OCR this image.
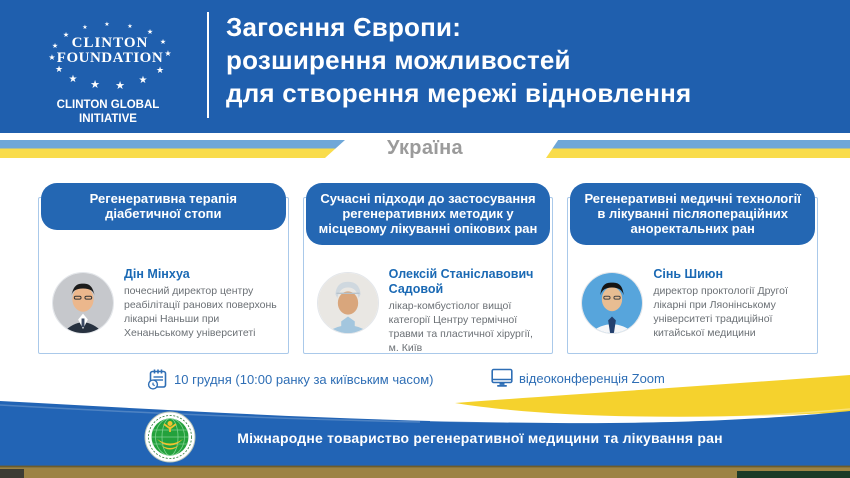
★
★
★
★
★
★
★
★
★
★	★	★
★
★
★
CLINTON
FOUNDATION
CLINTON GLOBAL
INITIATIVE
Загоєння Європи:
розширення можливостей
для створення мережі відновлення
Україна
Регенеративна терапія діабетичної стопи
Дін Мінхуа
почесний директор центру реабілітації ранових поверхонь лікарні Наньши при Хенаньському університеті
Сучасні підходи до застосування регенеративних методик у місцевому лікуванні опікових ран
Олексій Станіславович Садовой
лікар-комбустіолог вищої категорії Центру термічної травми та пластичної хірургії, м. Київ
Регенеративні медичні технології в лікуванні післяопераційних аноректальних ран
Сінь Шиюн
директор проктології Другої лікарні при Ляонінському університеті традиційної китайської медицини
10 грудня (10:00 ранку за київським часом)	відеоконференція Zoom
Міжнародне товариство регенеративної медицини та лікування ран
